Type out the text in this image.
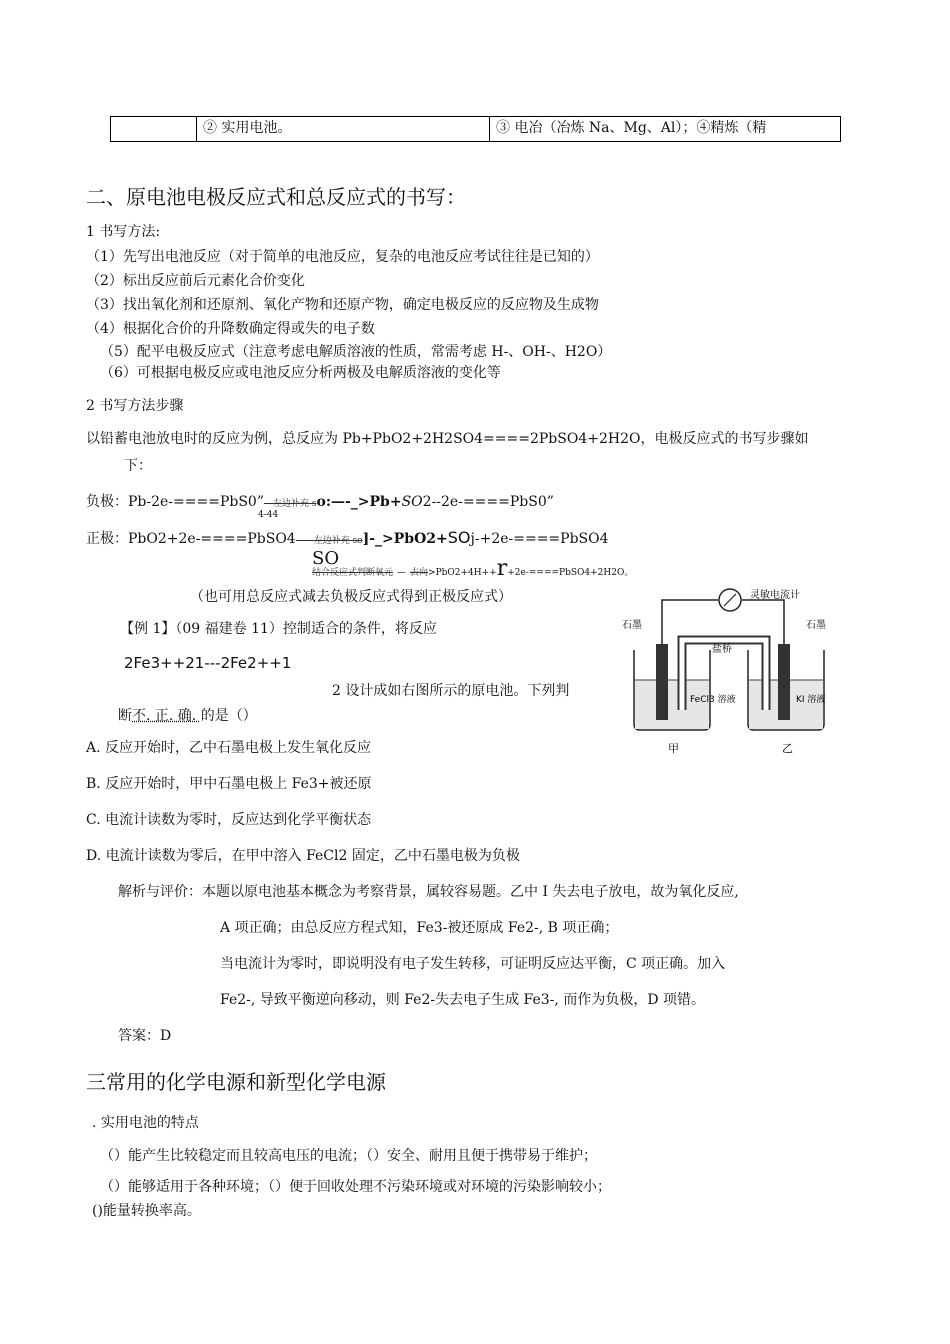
	② 实用电池。	③ 电冶（冶炼 Na、Mg、Al）；④精炼（精
二、原电池电极反应式和总反应式的书写：
1 书写方法:
（1）先写出电池反应（对于简单的电池反应，复杂的电池反应考试往往是已知的）
（2）标出反应前后元素化合价变化
（3）找出氧化剂和还原剂、氧化产物和还原产物，确定电极反应的反应物及生成物
（4）根据化合价的升降数确定得或失的电子数
（5）配平电极反应式（注意考虑电解质溶液的性质，常需考虑 H-、OH-、H2O）
（6）可根据电极反应或电池反应分析两极及电解质溶液的变化等
2 书写方法步骤
以铅蓄电池放电时的反应为例，总反应为 Pb+PbO2+2H2SO4====2PbSO4+2H2O，电极反应式的书写步骤如
下：
负极：Pb-2e-====PbS0”—左边补充 so:—-_>Pb+SO2--2e-====PbS0”
4-44
正极：PbO2+2e-====PbSO4——左边补充 so]-_>PbO2+SOj-+2e-====PbSO4
SO
结合反应式判断氧元 — 去向>PbO2+4H++r+2e-====PbSO4+2H2O。
（也可用总反应式减去负极反应式得到正极反应式）
【例 1】（09 福建卷 11）控制适合的条件，将反应
2Fe3++21---2Fe2++1
2 设计成如右图所示的原电池。下列判
断不. 正. 确. 的是（）
A. 反应开始时，乙中石墨电极上发生氧化反应
B. 反应开始时，甲中石墨电极上 Fe3+被还原
C. 电流计读数为零时，反应达到化学平衡状态
D. 电流计读数为零后，在甲中溶入 FeCl2 固定，乙中石墨电极为负极
解析与评价：本题以原电池基本概念为考察背景，属较容易题。乙中 I 失去电子放电，故为氧化反应,
A 项正确；由总反应方程式知，Fe3-被还原成 Fe2-, B 项正确；
当电流计为零时，即说明没有电子发生转移，可证明反应达平衡，C 项正确。加入
Fe2-, 导致平衡逆向移动，则 Fe2-失去电子生成 Fe3-, 而作为负极，D 项错。
答案：D
灵敏电流计
盐桥
石墨	石墨
FeCl3 溶液	KI 溶液
甲	乙
三常用的化学电源和新型化学电源
. 实用电池的特点
（）能产生比较稳定而且较高电压的电流；（）安全、耐用且便于携带易于维护；
（）能够适用于各种环境；（）便于回收处理不污染环境或对环境的污染影响较小；
()能量转换率高。
